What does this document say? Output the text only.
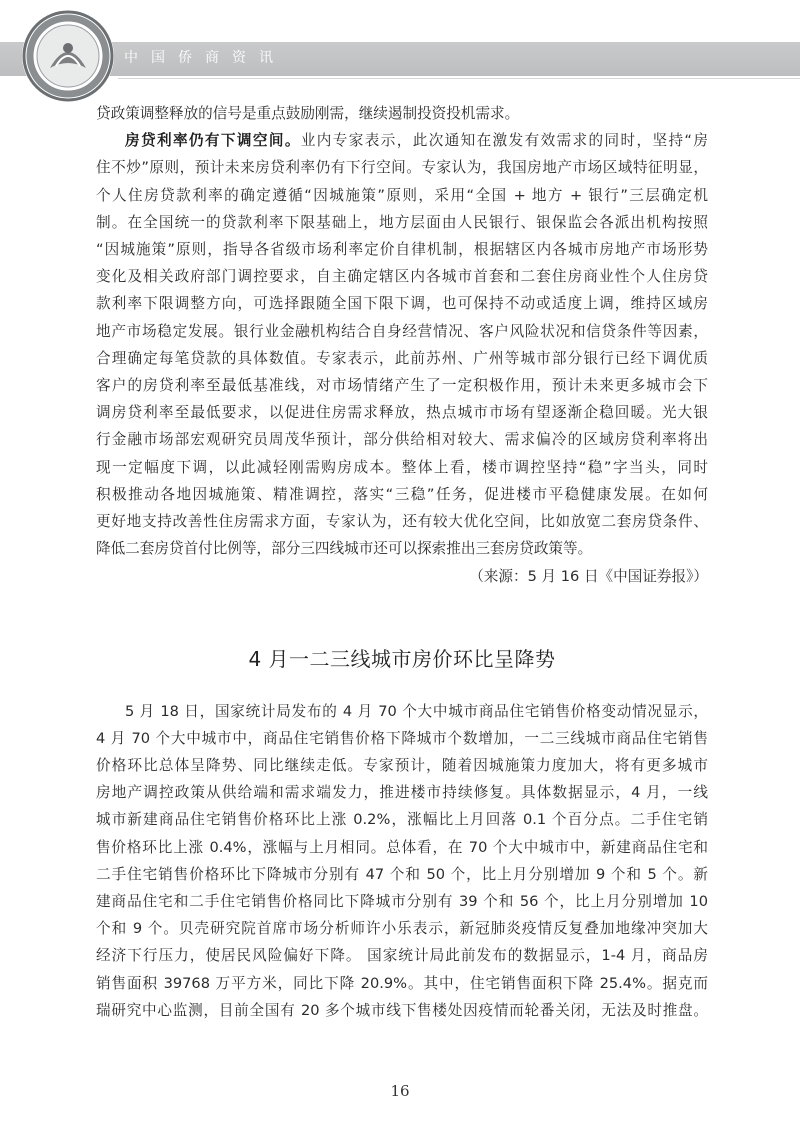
中国侨商资讯

贷政策调整释放的信号是重点鼓励刚需，继续遏制投资投机需求。

房贷利率仍有下调空间。业内专家表示，此次通知在激发有效需求的同时，坚持“房

住不炒”原则，预计未来房贷利率仍有下行空间。专家认为，我国房地产市场区域特征明显，

个人住房贷款利率的确定遵循“因城施策”原则，采用“全国 + 地方 + 银行”三层确定机

制。在全国统一的贷款利率下限基础上，地方层面由人民银行、银保监会各派出机构按照

“因城施策”原则，指导各省级市场利率定价自律机制，根据辖区内各城市房地产市场形势

变化及相关政府部门调控要求，自主确定辖区内各城市首套和二套住房商业性个人住房贷

款利率下限调整方向，可选择跟随全国下限下调，也可保持不动或适度上调，维持区域房

地产市场稳定发展。银行业金融机构结合自身经营情况、客户风险状况和信贷条件等因素，

合理确定每笔贷款的具体数值。专家表示，此前苏州、广州等城市部分银行已经下调优质

客户的房贷利率至最低基准线，对市场情绪产生了一定积极作用，预计未来更多城市会下

调房贷利率至最低要求，以促进住房需求释放，热点城市市场有望逐渐企稳回暖。光大银

行金融市场部宏观研究员周茂华预计，部分供给相对较大、需求偏冷的区域房贷利率将出

现一定幅度下调，以此减轻刚需购房成本。整体上看，楼市调控坚持“稳”字当头，同时

积极推动各地因城施策、精准调控，落实“三稳”任务，促进楼市平稳健康发展。在如何

更好地支持改善性住房需求方面，专家认为，还有较大优化空间，比如放宽二套房贷条件、

降低二套房贷首付比例等，部分三四线城市还可以探索推出三套房贷政策等。

（来源：5 月 16 日《中国证券报》）

4 月一二三线城市房价环比呈降势

5 月 18 日，国家统计局发布的 4 月 70 个大中城市商品住宅销售价格变动情况显示，

4 月 70 个大中城市中，商品住宅销售价格下降城市个数增加，一二三线城市商品住宅销售

价格环比总体呈降势、同比继续走低。专家预计，随着因城施策力度加大，将有更多城市

房地产调控政策从供给端和需求端发力，推进楼市持续修复。具体数据显示，4 月，一线

城市新建商品住宅销售价格环比上涨 0.2%，涨幅比上月回落 0.1 个百分点。二手住宅销

售价格环比上涨 0.4%，涨幅与上月相同。总体看，在 70 个大中城市中，新建商品住宅和

二手住宅销售价格环比下降城市分别有 47 个和 50 个，比上月分别增加 9 个和 5 个。新

建商品住宅和二手住宅销售价格同比下降城市分别有 39 个和 56 个，比上月分别增加 10

个和 9 个。贝壳研究院首席市场分析师许小乐表示，新冠肺炎疫情反复叠加地缘冲突加大

经济下行压力，使居民风险偏好下降。 国家统计局此前发布的数据显示，1-4 月，商品房

销售面积 39768 万平方米，同比下降 20.9%。其中，住宅销售面积下降 25.4%。据克而

瑞研究中心监测，目前全国有 20 多个城市线下售楼处因疫情而轮番关闭，无法及时推盘。

16
